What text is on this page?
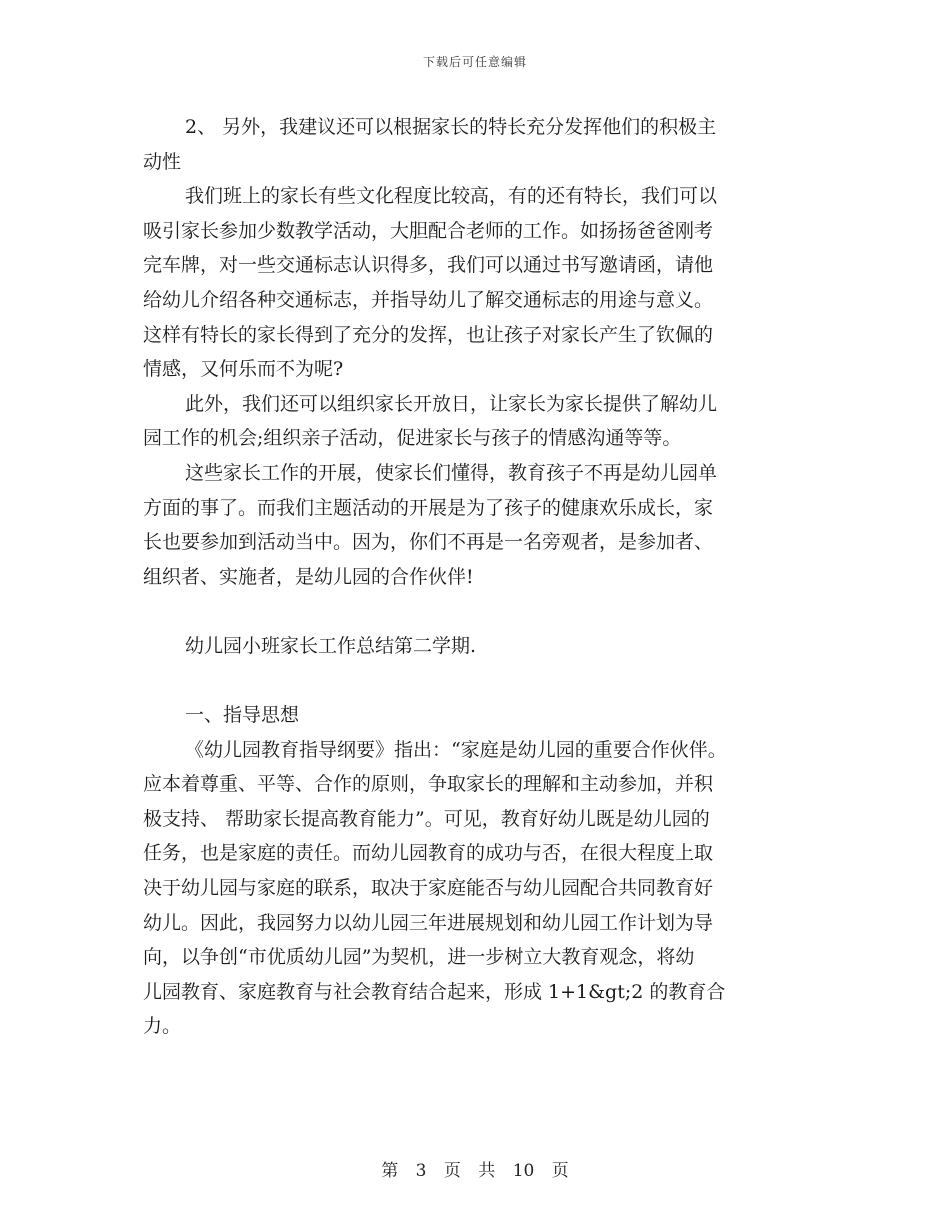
下载后可任意编辑
2、 另外，我建议还可以根据家长的特长充分发挥他们的积极主
动性
我们班上的家长有些文化程度比较高，有的还有特长，我们可以
吸引家长参加少数教学活动，大胆配合老师的工作。如扬扬爸爸刚考
完车牌，对一些交通标志认识得多，我们可以通过书写邀请函，请他
给幼儿介绍各种交通标志，并指导幼儿了解交通标志的用途与意义。
这样有特长的家长得到了充分的发挥，也让孩子对家长产生了钦佩的
情感，又何乐而不为呢?
此外，我们还可以组织家长开放日，让家长为家长提供了解幼儿
园工作的机会;组织亲子活动，促进家长与孩子的情感沟通等等。
这些家长工作的开展，使家长们懂得，教育孩子不再是幼儿园单
方面的事了。而我们主题活动的开展是为了孩子的健康欢乐成长，家
长也要参加到活动当中。因为，你们不再是一名旁观者，是参加者、
组织者、实施者，是幼儿园的合作伙伴!
幼儿园小班家长工作总结第二学期.
一、指导思想
《幼儿园教育指导纲要》指出：“家庭是幼儿园的重要合作伙伴。
应本着尊重、平等、合作的原则，争取家长的理解和主动参加，并积
极支持、 帮助家长提高教育能力”。可见，教育好幼儿既是幼儿园的
任务，也是家庭的责任。而幼儿园教育的成功与否，在很大程度上取
决于幼儿园与家庭的联系，取决于家庭能否与幼儿园配合共同教育好
幼儿。因此，我园努力以幼儿园三年进展规划和幼儿园工作计划为导
向，以争创“市优质幼儿园”为契机，进一步树立大教育观念，将幼
儿园教育、家庭教育与社会教育结合起来，形成 1+1&gt;2 的教育合
力。
第 3 页 共 10 页
